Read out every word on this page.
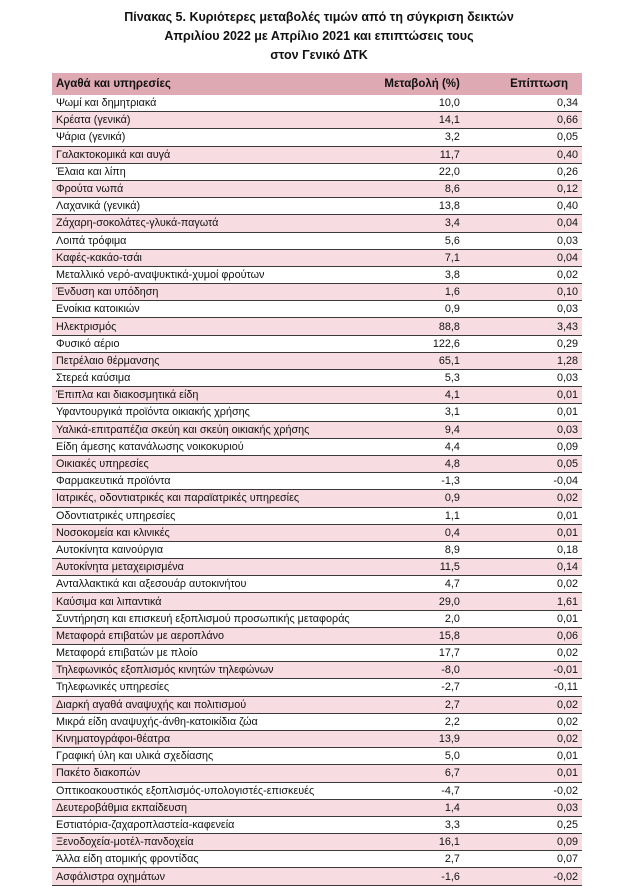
Πίνακας 5. Κυριότερες μεταβολές τιμών από τη σύγκριση δεικτών
Απριλίου 2022 με Απρίλιο 2021 και επιπτώσεις τους
στον Γενικό ΔΤΚ
Αγαθά και υπηρεσίες	Μεταβολή (%)	Επίπτωση
Ψωμί και δημητριακά	10,0	0,34
Κρέατα (γενικά)	14,1	0,66
Ψάρια (γενικά)	3,2	0,05
Γαλακτοκομικά και αυγά	11,7	0,40
Έλαια και λίπη	22,0	0,26
Φρούτα νωπά	8,6	0,12
Λαχανικά (γενικά)	13,8	0,40
Ζάχαρη-σοκολάτες-γλυκά-παγωτά	3,4	0,04
Λοιπά τρόφιμα	5,6	0,03
Καφές-κακάο-τσάι	7,1	0,04
Μεταλλικό νερό-αναψυκτικά-χυμοί φρούτων	3,8	0,02
Ένδυση και υπόδηση	1,6	0,10
Ενοίκια κατοικιών	0,9	0,03
Ηλεκτρισμός	88,8	3,43
Φυσικό αέριο	122,6	0,29
Πετρέλαιο θέρμανσης	65,1	1,28
Στερεά καύσιμα	5,3	0,03
Έπιπλα και διακοσμητικά είδη	4,1	0,01
Υφαντουργικά προϊόντα οικιακής χρήσης	3,1	0,01
Υαλικά-επιτραπέζια σκεύη και σκεύη οικιακής χρήσης	9,4	0,03
Είδη άμεσης κατανάλωσης νοικοκυριού	4,4	0,09
Οικιακές υπηρεσίες	4,8	0,05
Φαρμακευτικά προϊόντα	-1,3	-0,04
Ιατρικές, οδοντιατρικές και παραϊατρικές υπηρεσίες	0,9	0,02
Οδοντιατρικές υπηρεσίες	1,1	0,01
Νοσοκομεία και κλινικές	0,4	0,01
Αυτοκίνητα καινούργια	8,9	0,18
Αυτοκίνητα μεταχειρισμένα	11,5	0,14
Ανταλλακτικά και αξεσουάρ αυτοκινήτου	4,7	0,02
Καύσιμα και λιπαντικά	29,0	1,61
Συντήρηση και επισκευή εξοπλισμού προσωπικής μεταφοράς	2,0	0,01
Μεταφορά επιβατών με αεροπλάνο	15,8	0,06
Μεταφορά επιβατών με πλοίο	17,7	0,02
Τηλεφωνικός εξοπλισμός κινητών τηλεφώνων	-8,0	-0,01
Τηλεφωνικές υπηρεσίες	-2,7	-0,11
Διαρκή αγαθά αναψυχής και πολιτισμού	2,7	0,02
Μικρά είδη αναψυχής-άνθη-κατοικίδια ζώα	2,2	0,02
Κινηματογράφοι-θέατρα	13,9	0,02
Γραφική ύλη και υλικά σχεδίασης	5,0	0,01
Πακέτο διακοπών	6,7	0,01
Οπτικοακουστικός εξοπλισμός-υπολογιστές-επισκευές	-4,7	-0,02
Δευτεροβάθμια εκπαίδευση	1,4	0,03
Εστιατόρια-ζαχαροπλαστεία-καφενεία	3,3	0,25
Ξενοδοχεία-μοτέλ-πανδοχεία	16,1	0,09
Άλλα είδη ατομικής φροντίδας	2,7	0,07
Ασφάλιστρα οχημάτων	-1,6	-0,02
